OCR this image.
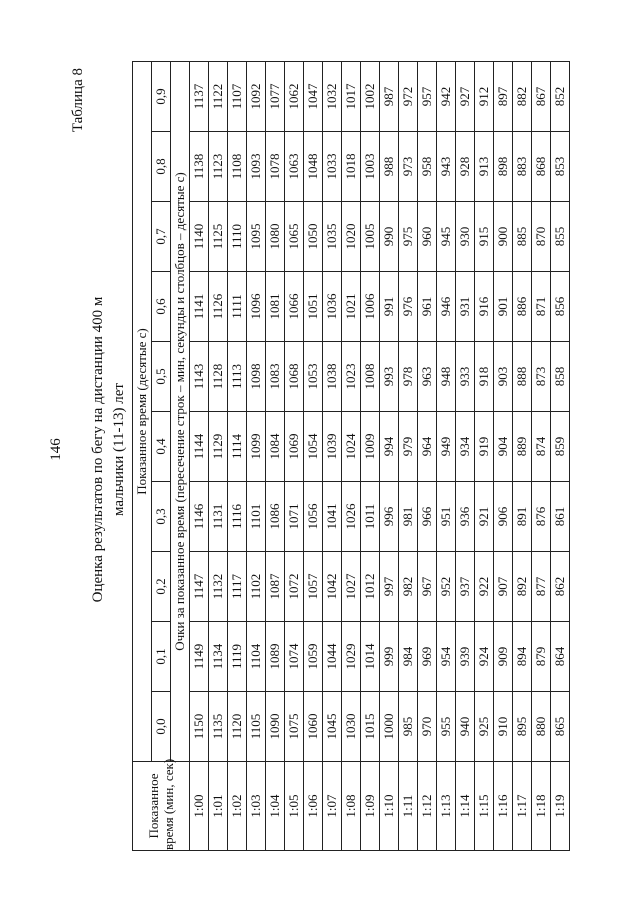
146
Таблица 8
Оценка результатов по бегу на дистанции 400 м мальчики (11-13) лет
Показанное время (мин, сек)	Показанное время (десятые с)									
	0,0	0,1	0,2	0,3	0,4	0,5	0,6	0,7	0,8	0,9
	Очки за показанное время (пересечение строк – мин, секунды и столбцов – десятые с)									
1:00	1150	1149	1147	1146	1144	1143	1141	1140	1138	1137
1:01	1135	1134	1132	1131	1129	1128	1126	1125	1123	1122
1:02	1120	1119	1117	1116	1114	1113	1111	1110	1108	1107
1:03	1105	1104	1102	1101	1099	1098	1096	1095	1093	1092
1:04	1090	1089	1087	1086	1084	1083	1081	1080	1078	1077
1:05	1075	1074	1072	1071	1069	1068	1066	1065	1063	1062
1:06	1060	1059	1057	1056	1054	1053	1051	1050	1048	1047
1:07	1045	1044	1042	1041	1039	1038	1036	1035	1033	1032
1:08	1030	1029	1027	1026	1024	1023	1021	1020	1018	1017
1:09	1015	1014	1012	1011	1009	1008	1006	1005	1003	1002
1:10	1000	999	997	996	994	993	991	990	988	987
1:11	985	984	982	981	979	978	976	975	973	972
1:12	970	969	967	966	964	963	961	960	958	957
1:13	955	954	952	951	949	948	946	945	943	942
1:14	940	939	937	936	934	933	931	930	928	927
1:15	925	924	922	921	919	918	916	915	913	912
1:16	910	909	907	906	904	903	901	900	898	897
1:17	895	894	892	891	889	888	886	885	883	882
1:18	880	879	877	876	874	873	871	870	868	867
1:19	865	864	862	861	859	858	856	855	853	852
